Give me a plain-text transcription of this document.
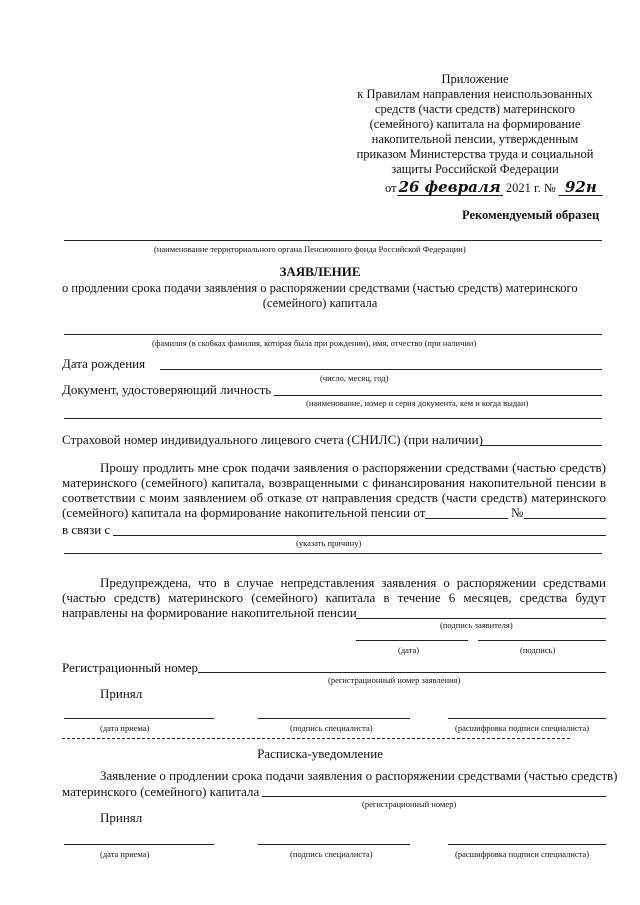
Приложение
к Правилам направления неиспользованных
средств (части средств) материнского
(семейного) капитала на формирование
накопительной пенсии, утвержденным
приказом Министерства труда и социальной
защиты Российской Федерации
от 26 февраля 2021 г. № 92н
Рекомендуемый образец
(наименование территориального органа Пенсионного фонда Российской Федерации)
ЗАЯВЛЕНИЕ
о продлении срока подачи заявления о распоряжении средствами (частью средств) материнского
(семейного) капитала
(фамилия (в скобках фамилия, которая была при рождении), имя, отчество (при наличии)
Дата рождения
(число, месяц, год)
Документ, удостоверяющий личность
(наименование, номер и серия документа, кем и когда выдан)
Страховой номер индивидуального лицевого счета (СНИЛС) (при наличии)
Прошу продлить мне срок подачи заявления о распоряжении средствами (частью средств)
материнского (семейного) капитала, возвращенными с финансирования накопительной пенсии в
соответствии с моим заявлением об отказе от направления средств (части средств) материнского
(семейного) капитала на формирование накопительной пенсии от	№
в связи с
(указать причину)
Предупреждена, что в случае непредставления заявления о распоряжении средствами
(частью средств) материнского (семейного) капитала в течение 6 месяцев, средства будут
направлены на формирование накопительной пенсии
(подпись заявителя)
(дата)	(подпись)
Регистрационный номер
(регистрационный номер заявления)
Принял
(дата приема)	(подпись специалиста)	(расшифровка подписи специалиста)
Расписка-уведомление
Заявление о продлении срока подачи заявления о распоряжении средствами (частью средств)
материнского (семейного) капитала
(регистрационный номер)
Принял
(дата приема)	(подпись специалиста)	(расшифровка подписи специалиста)
